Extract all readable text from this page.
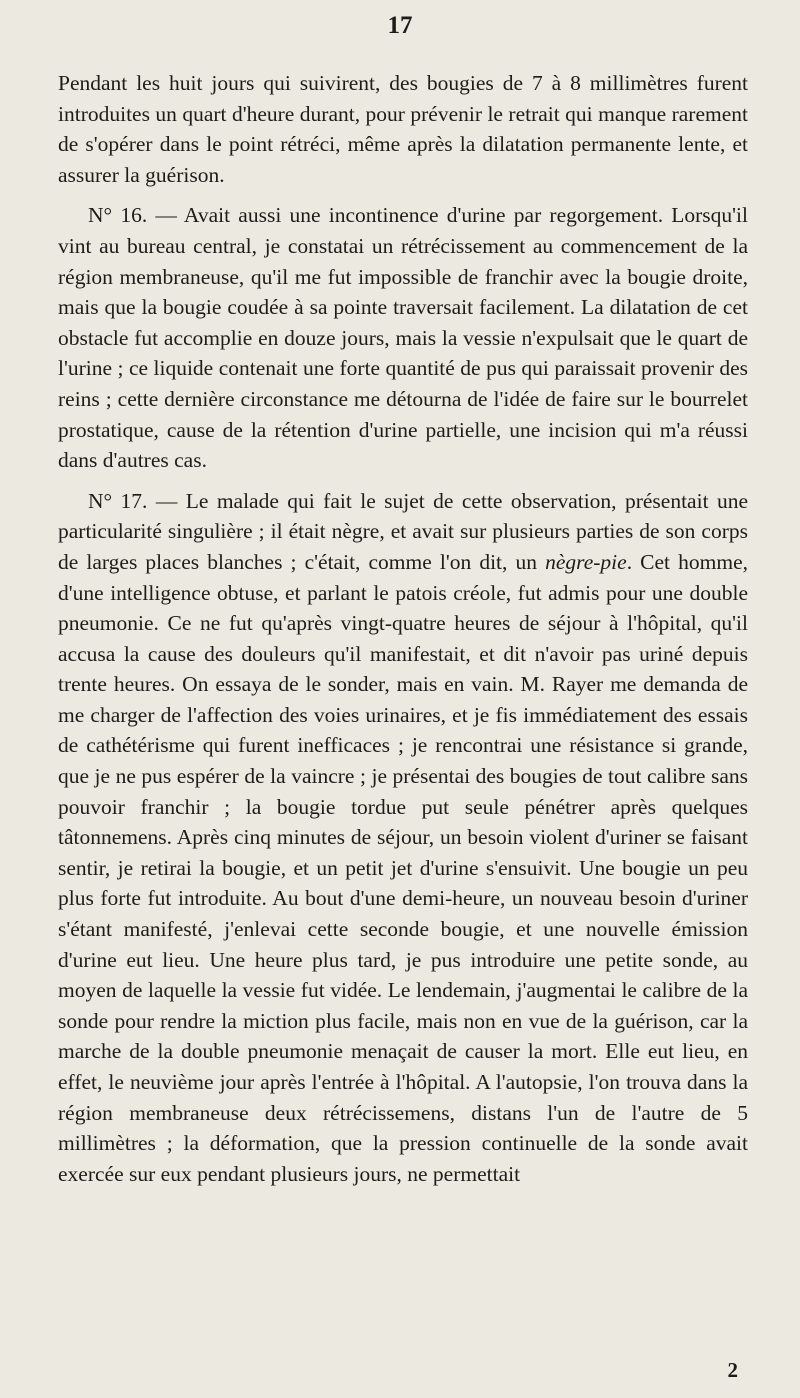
17

Pendant les huit jours qui suivirent, des bougies de 7 à 8 millimètres furent introduites un quart d'heure durant, pour prévenir le retrait qui manque rarement de s'opérer dans le point rétréci, même après la dilatation permanente lente, et assurer la guérison.

N° 16. — Avait aussi une incontinence d'urine par regorgement. Lorsqu'il vint au bureau central, je constatai un rétrécissement au commencement de la région membraneuse, qu'il me fut impossible de franchir avec la bougie droite, mais que la bougie coudée à sa pointe traversait facilement. La dilatation de cet obstacle fut accomplie en douze jours, mais la vessie n'expulsait que le quart de l'urine ; ce liquide contenait une forte quantité de pus qui paraissait provenir des reins ; cette dernière circonstance me détourna de l'idée de faire sur le bourrelet prostatique, cause de la rétention d'urine partielle, une incision qui m'a réussi dans d'autres cas.

N° 17. — Le malade qui fait le sujet de cette observation, présentait une particularité singulière ; il était nègre, et avait sur plusieurs parties de son corps de larges places blanches ; c'était, comme l'on dit, un nègre-pie. Cet homme, d'une intelligence obtuse, et parlant le patois créole, fut admis pour une double pneumonie. Ce ne fut qu'après vingt-quatre heures de séjour à l'hôpital, qu'il accusa la cause des douleurs qu'il manifestait, et dit n'avoir pas uriné depuis trente heures. On essaya de le sonder, mais en vain. M. Rayer me demanda de me charger de l'affection des voies urinaires, et je fis immédiatement des essais de cathétérisme qui furent inefficaces ; je rencontrai une résistance si grande, que je ne pus espérer de la vaincre ; je présentai des bougies de tout calibre sans pouvoir franchir ; la bougie tordue put seule pénétrer après quelques tâtonnemens. Après cinq minutes de séjour, un besoin violent d'uriner se faisant sentir, je retirai la bougie, et un petit jet d'urine s'ensuivit. Une bougie un peu plus forte fut introduite. Au bout d'une demi-heure, un nouveau besoin d'uriner s'étant manifesté, j'enlevai cette seconde bougie, et une nouvelle émission d'urine eut lieu. Une heure plus tard, je pus introduire une petite sonde, au moyen de laquelle la vessie fut vidée. Le lendemain, j'augmentai le calibre de la sonde pour rendre la miction plus facile, mais non en vue de la guérison, car la marche de la double pneumonie menaçait de causer la mort. Elle eut lieu, en effet, le neuvième jour après l'entrée à l'hôpital. A l'autopsie, l'on trouva dans la région membraneuse deux rétrécissemens, distans l'un de l'autre de 5 millimètres ; la déformation, que la pression continuelle de la sonde avait exercée sur eux pendant plusieurs jours, ne permettait

2
